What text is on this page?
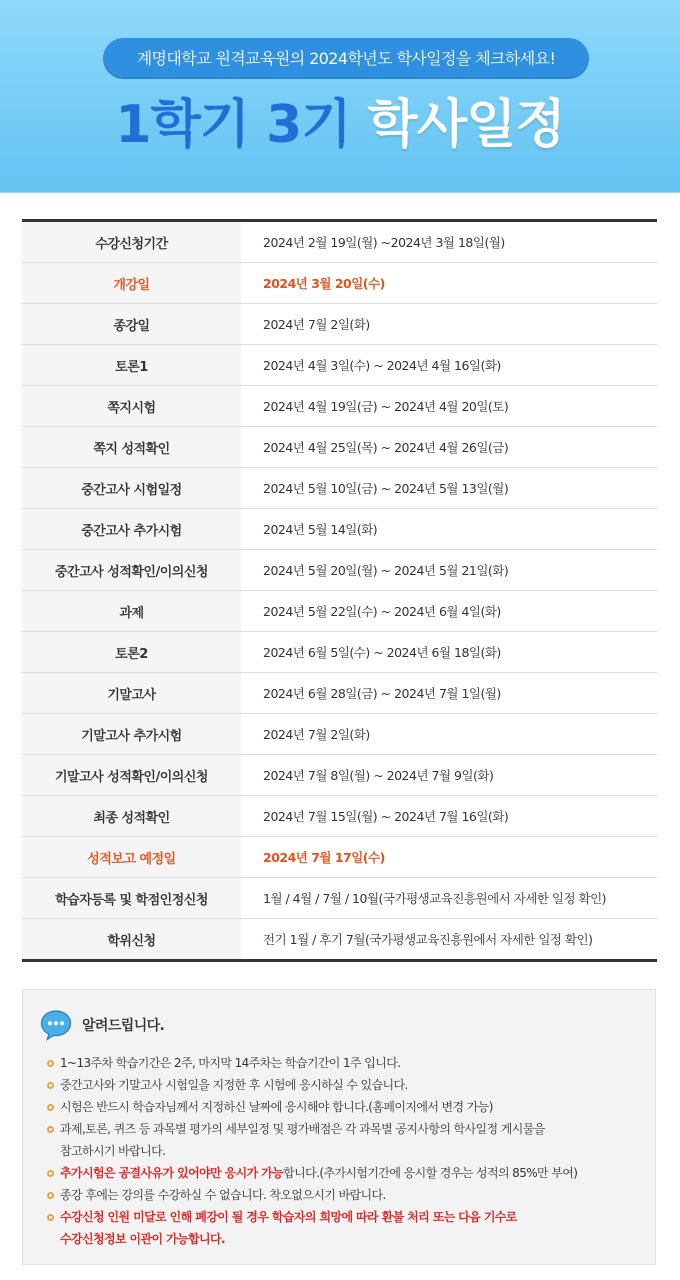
계명대학교 원격교육원의 2024학년도 학사일정을 체크하세요!
1학기 3기 학사일정
수강신청기간	2024년 2월 19일(월) ~2024년 3월 18일(월)
개강일	2024년 3월 20일(수)
종강일	2024년 7월 2일(화)
토론1	2024년 4월 3일(수) ~ 2024년 4월 16일(화)
쪽지시험	2024년 4월 19일(금) ~ 2024년 4월 20일(토)
쪽지 성적확인	2024년 4월 25일(목) ~ 2024년 4월 26일(금)
중간고사 시험일정	2024년 5월 10일(금) ~ 2024년 5월 13일(월)
중간고사 추가시험	2024년 5월 14일(화)
중간고사 성적확인/이의신청	2024년 5월 20일(월) ~ 2024년 5월 21일(화)
과제	2024년 5월 22일(수) ~ 2024년 6월 4일(화)
토론2	2024년 6월 5일(수) ~ 2024년 6월 18일(화)
기말고사	2024년 6월 28일(금) ~ 2024년 7월 1일(월)
기말고사 추가시험	2024년 7월 2일(화)
기말고사 성적확인/이의신청	2024년 7월 8일(월) ~ 2024년 7월 9일(화)
최종 성적확인	2024년 7월 15일(월) ~ 2024년 7월 16일(화)
성적보고 예정일	2024년 7월 17일(수)
학습자등록 및 학점인정신청	1월 / 4월 / 7월 / 10월(국가평생교육진흥원에서 자세한 일정 확인)
학위신청	전기 1월 / 후기 7월(국가평생교육진흥원에서 자세한 일정 확인)
알려드립니다.
1~13주차 학습기간은 2주, 마지막 14주차는 학습기간이 1주 입니다.
중간고사와 기말고사 시험일을 지정한 후 시험에 응시하실 수 있습니다.
시험은 반드시 학습자님께서 지정하신 날짜에 응시해야 합니다.(홈페이지에서 변경 가능)
과제,토론, 퀴즈 등 과목별 평가의 세부일정 및 평가배점은 각 과목별 공지사항의 학사일정 게시물을
참고하시기 바랍니다.
추가시험은 공결사유가 있어야만 응시가 가능합니다.(추가시험기간에 응시할 경우는 성적의 85%만 부여)
종강 후에는 강의를 수강하실 수 없습니다. 착오없으시기 바랍니다.
수강신청 인원 미달로 인해 폐강이 될 경우 학습자의 희망에 따라 환불 처리 또는 다음 기수로
수강신청정보 이관이 가능합니다.
